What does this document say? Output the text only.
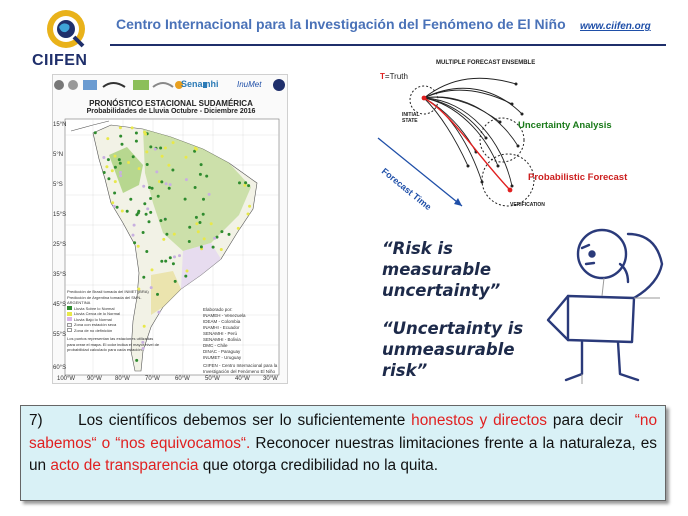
CIIFEN
Centro Internacional para la Investigación del Fenómeno de El Niño www.ciifen.org
Senamhi InuMet
PRONÓSTICO ESTACIONAL SUDAMÉRICA
Probabilidades de Lluvia Octubre - Diciembre 2016
15°N
5°N
5°S
15°S
25°S
35°S
45°S
55°S
60°S
100°W 90°W 80°W	70°W	60°W	50°W	40°W 30°W
Predicción de Brasil tomada del INMET (BRA)
Predicción de Argentina tomada del SMN-ARGENTINA
Lluvia Sobre lo Normal
Lluvia Cerca de lo Normal
Lluvia Bajo lo Normal
Zona con estación seca
Zona de no definición
Los puntos representan las estaciones utilizadas para crear el mapa. El color indica el mayor nivel de probabilidad calculado para cada estación.
Elaborado por:
INAMEH - Venezuela
IDEAM - Colombia
INAMHI - Ecuador
SENAMHI - Perú
SENAMHI - Bolivia
DMC - Chile
DINAC - Paraguay
INUMET - Uruguay
CIIFEN - Centro Internacional para la Investigación del Fenómeno El Niño
MULTIPLE FORECAST ENSEMBLE
T=Truth
INITIAL STATE	Uncertainty Analysis
Probabilistic Forecast
VERIFICATION
Forecast Time
“Risk is
measurable
uncertainty”
“Uncertainty is
unmeasurable
risk”
7) Los científicos debemos ser lo suficientemente honestos y directos para decir  “no sabemos“ o “nos equivocamos“. Reconocer nuestras limitaciones frente a la naturaleza, es un acto de transparencia que otorga credibilidad no la quita.
